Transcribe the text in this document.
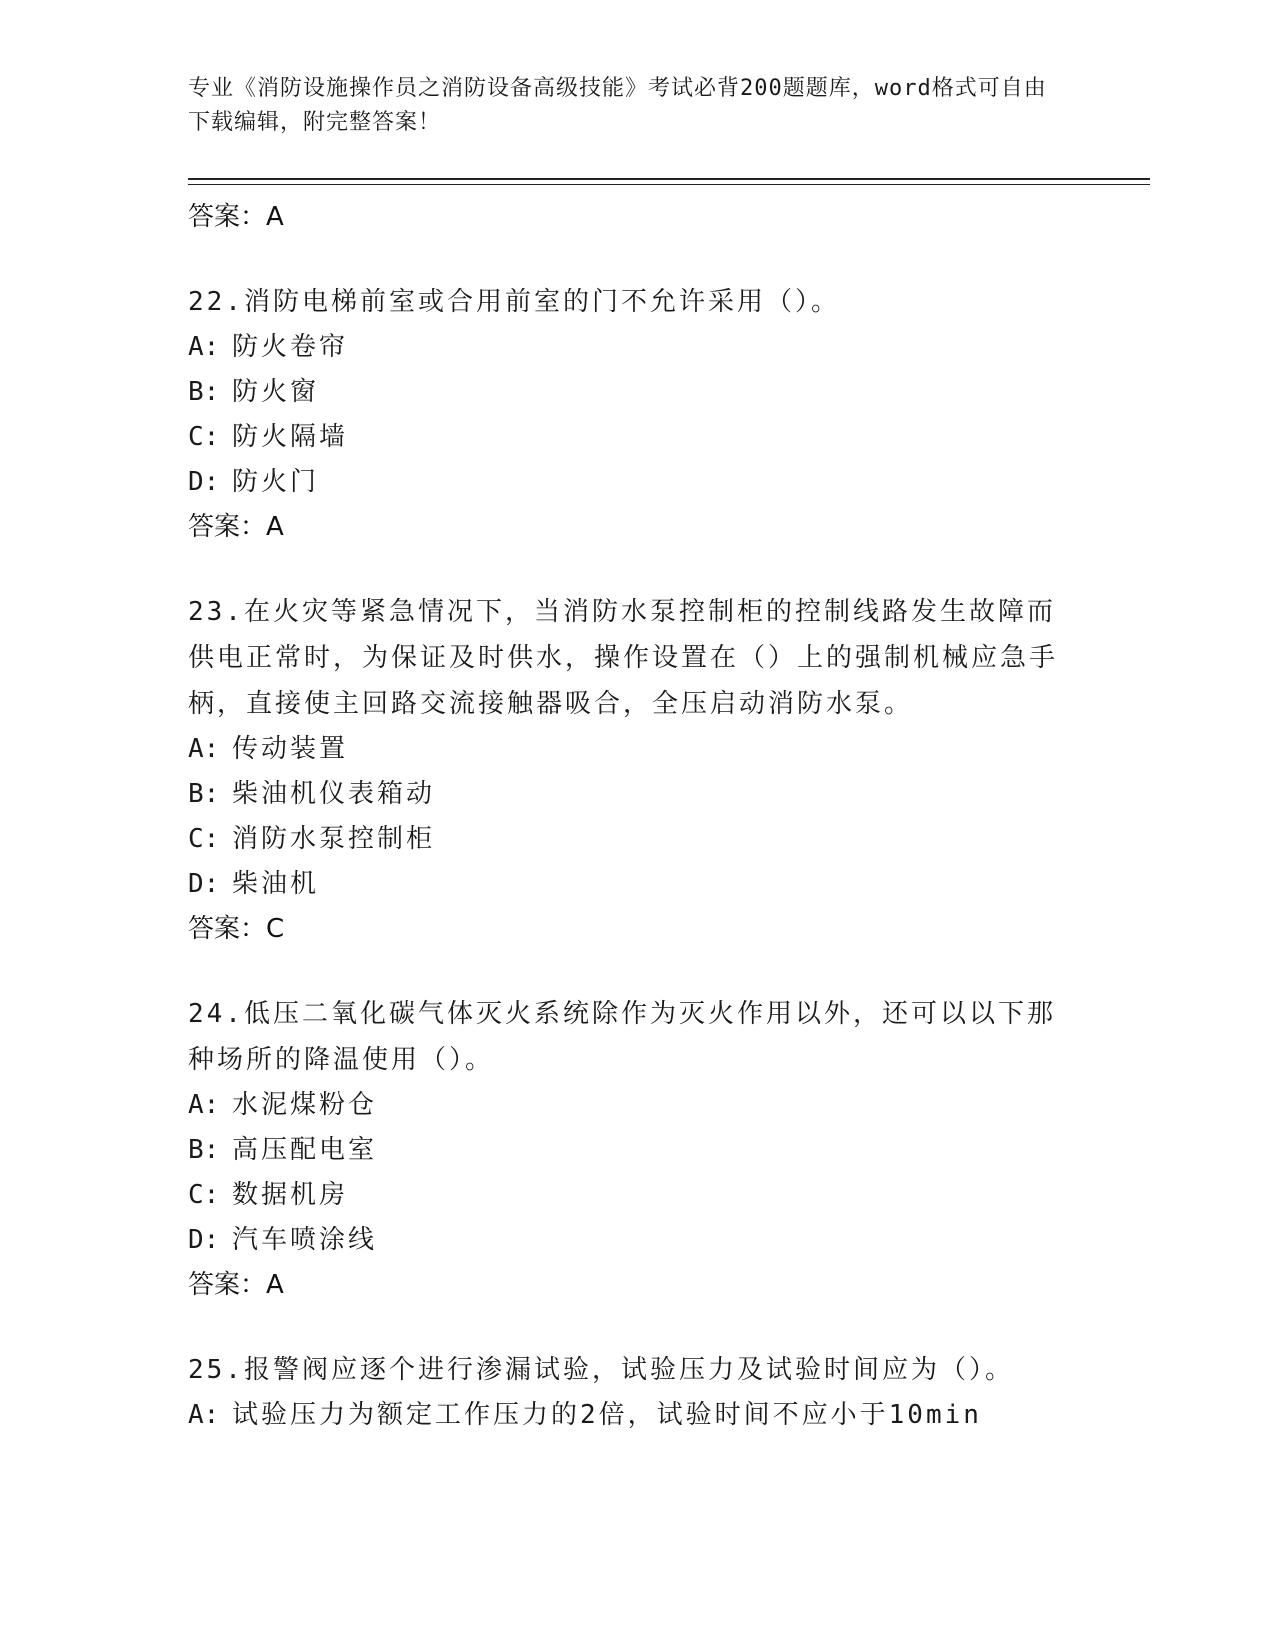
专业《消防设施操作员之消防设备高级技能》考试必背200题题库，word格式可自由下载编辑，附完整答案！
答案：A
22.消防电梯前室或合用前室的门不允许采用（）。
A: 防火卷帘
B: 防火窗
C: 防火隔墙
D: 防火门
答案：A
23.在火灾等紧急情况下，当消防水泵控制柜的控制线路发生故障而供电正常时，为保证及时供水，操作设置在（）上的强制机械应急手柄，直接使主回路交流接触器吸合，全压启动消防水泵。
A: 传动装置
B: 柴油机仪表箱动
C: 消防水泵控制柜
D: 柴油机
答案：C
24.低压二氧化碳气体灭火系统除作为灭火作用以外，还可以以下那种场所的降温使用（）。
A: 水泥煤粉仓
B: 高压配电室
C: 数据机房
D: 汽车喷涂线
答案：A
25.报警阀应逐个进行渗漏试验，试验压力及试验时间应为（）。
A: 试验压力为额定工作压力的2倍，试验时间不应小于10min
